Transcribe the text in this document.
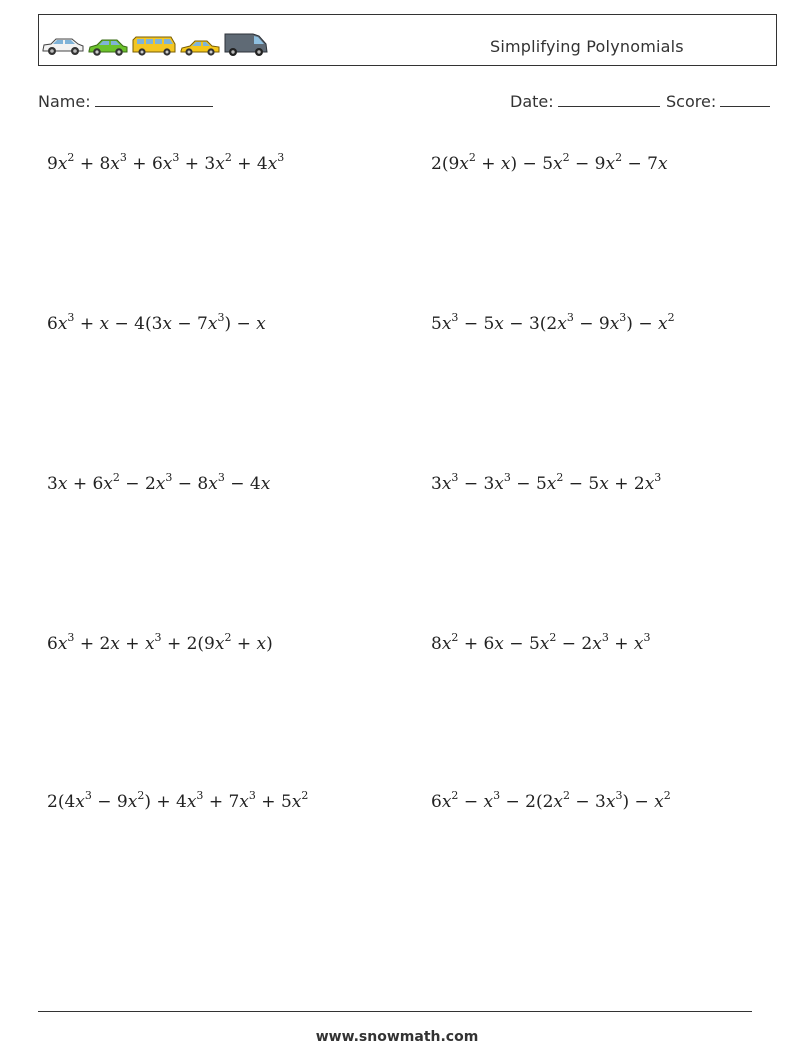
Simplifying Polynomials
Name:	Date:	Score:
$9x^2 + 8x^3 + 6x^3 + 3x^2 + 4x^3$	$2(9x^2 + x) - 5x^2 - 9x^2 - 7x$
$6x^3 + x - 4(3x - 7x^3) - x$	$5x^3 - 5x - 3(2x^3 - 9x^3) - x^2$
$3x + 6x^2 - 2x^3 - 8x^3 - 4x$	$3x^3 - 3x^3 - 5x^2 - 5x + 2x^3$
$6x^3 + 2x + x^3 + 2(9x^2 + x)$	$8x^2 + 6x - 5x^2 - 2x^3 + x^3$
$2(4x^3 - 9x^2) + 4x^3 + 7x^3 + 5x^2$	$6x^2 - x^3 - 2(2x^2 - 3x^3) - x^2$
www.snowmath.com
